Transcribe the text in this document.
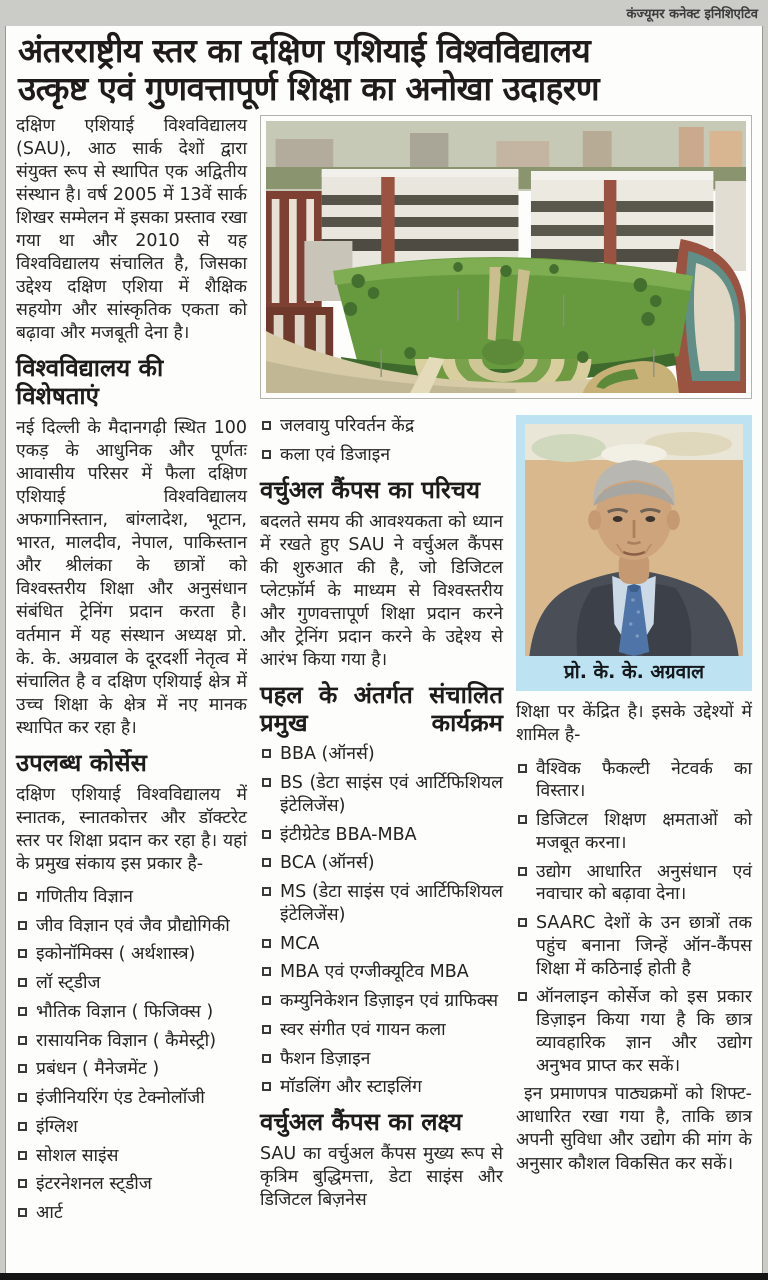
कंज्यूमर कनेक्ट इनिशिएटिव
अंतरराष्ट्रीय स्तर का दक्षिण एशियाई विश्वविद्यालय
उत्कृष्ट एवं गुणवत्तापूर्ण शिक्षा का अनोखा उदाहरण

दक्षिण एशियाई विश्वविद्यालय (SAU), आठ सार्क देशों द्वारा संयुक्त रूप से स्थापित एक अद्वितीय संस्थान है। वर्ष 2005 में 13वें सार्क शिखर सम्मेलन में इसका प्रस्ताव रखा गया था और 2010 से यह विश्वविद्यालय संचालित है, जिसका उद्देश्य दक्षिण एशिया में शैक्षिक सहयोग और सांस्कृतिक एकता को बढ़ावा और मजबूती देना है।

विश्वविद्यालय की विशेषताएं

नई दिल्ली के मैदानगढ़ी स्थित 100 एकड़ के आधुनिक और पूर्णतः आवासीय परिसर में फैला दक्षिण एशियाई विश्वविद्यालय अफगानिस्तान, बांग्लादेश, भूटान, भारत, मालदीव, नेपाल, पाकिस्तान और श्रीलंका के छात्रों को विश्वस्तरीय शिक्षा और अनुसंधान संबंधित ट्रेनिंग प्रदान करता है। वर्तमान में यह संस्थान अध्यक्ष प्रो. के. के. अग्रवाल के दूरदर्शी नेतृत्व में संचालित है व दक्षिण एशियाई क्षेत्र में उच्च शिक्षा के क्षेत्र में नए मानक स्थापित कर रहा है।

उपलब्ध कोर्सेस

दक्षिण एशियाई विश्वविद्यालय में स्नातक, स्नातकोत्तर और डॉक्टरेट स्तर पर शिक्षा प्रदान कर रहा है। यहां के प्रमुख संकाय इस प्रकार है-

गणितीय विज्ञान
जीव विज्ञान एवं जैव प्रौद्योगिकी
इकोनॉमिक्स ( अर्थशास्त्र)
लॉ स्ट्डीज
भौतिक विज्ञान ( फिजिक्स )
रासायनिक विज्ञान ( कैमेस्ट्री)
प्रबंधन ( मैनेजमेंट )
इंजीनियरिंग एंड टेक्नोलॉजी
इंग्लिश
सोशल साइंस
इंटरनेशनल स्ट्डीज
आर्ट
जलवायु परिवर्तन केंद्र
कला एवं डिजाइन
वर्चुअल कैंपस का परिचय

बदलते समय की आवश्यकता को ध्यान में रखते हुए SAU ने वर्चुअल कैंपस की शुरुआत की है, जो डिजिटल प्लेटफ़ॉर्म के माध्यम से विश्वस्तरीय और गुणवत्तापूर्ण शिक्षा प्रदान करने और ट्रेनिंग प्रदान करने के उद्देश्य से आरंभ किया गया है।

पहल के अंतर्गत संचालित प्रमुख कार्यक्रम
BBA (ऑनर्स)
BS (डेटा साइंस एवं आर्टिफिशियल इंटेलिजेंस)
इंटीग्रेटेड BBA-MBA
BCA (ऑनर्स)
MS (डेटा साइंस एवं आर्टिफिशियल इंटेलिजेंस)
MCA
MBA एवं एग्जीक्यूटिव MBA
कम्युनिकेशन डिज़ाइन एवं ग्राफिक्स
स्वर संगीत एवं गायन कला
फैशन डिज़ाइन
मॉडलिंग और स्टाइलिंग
वर्चुअल कैंपस का लक्ष्य

SAU का वर्चुअल कैंपस मुख्य रूप से कृत्रिम बुद्धिमत्ता, डेटा साइंस और डिजिटल बिज़नेस

प्रो. के. के. अग्रवाल

शिक्षा पर केंद्रित है। इसके उद्देश्यों में शामिल है-

वैश्विक फैकल्टी नेटवर्क का विस्तार।
डिजिटल शिक्षण क्षमताओं को मजबूत करना।
उद्योग आधारित अनुसंधान एवं नवाचार को बढ़ावा देना।
SAARC देशों के उन छात्रों तक पहुंच बनाना जिन्हें ऑन-कैंपस शिक्षा में कठिनाई होती है
ऑनलाइन कोर्सेज को इस प्रकार डिज़ाइन किया गया है कि छात्र व्यावहारिक ज्ञान और उद्योग अनुभव प्राप्त कर सकें।

इन प्रमाणपत्र पाठ्यक्रमों को शिफ्ट-आधारित रखा गया है, ताकि छात्र अपनी सुविधा और उद्योग की मांग के अनुसार कौशल विकसित कर सकें।
